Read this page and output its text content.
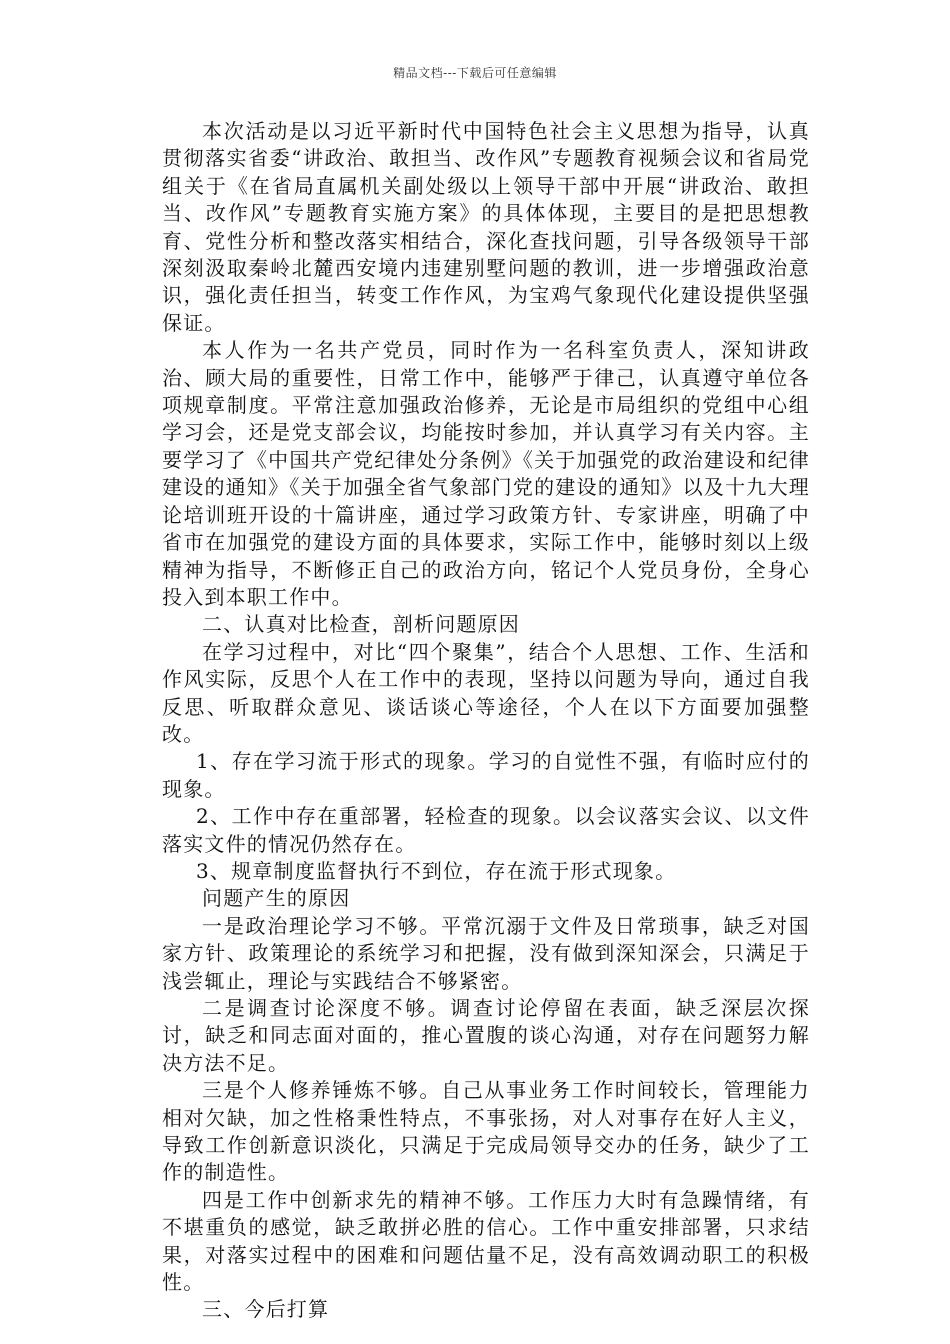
精品文档---下载后可任意编辑

本次活动是以习近平新时代中国特色社会主义思想为指导，认真贯彻落实省委“讲政治、敢担当、改作风”专题教育视频会议和省局党组关于《在省局直属机关副处级以上领导干部中开展“讲政治、敢担当、改作风”专题教育实施方案》的具体体现，主要目的是把思想教育、党性分析和整改落实相结合，深化查找问题，引导各级领导干部深刻汲取秦岭北麓西安境内违建别墅问题的教训，进一步增强政治意识，强化责任担当，转变工作作风，为宝鸡气象现代化建设提供坚强保证。

本人作为一名共产党员，同时作为一名科室负责人，深知讲政治、顾大局的重要性，日常工作中，能够严于律己，认真遵守单位各项规章制度。平常注意加强政治修养，无论是市局组织的党组中心组学习会，还是党支部会议，均能按时参加，并认真学习有关内容。主要学习了《中国共产党纪律处分条例》《关于加强党的政治建设和纪律建设的通知》《关于加强全省气象部门党的建设的通知》以及十九大理论培训班开设的十篇讲座，通过学习政策方针、专家讲座，明确了中省市在加强党的建设方面的具体要求，实际工作中，能够时刻以上级精神为指导，不断修正自己的政治方向，铭记个人党员身份，全身心投入到本职工作中。

二、认真对比检查，剖析问题原因

在学习过程中，对比“四个聚集”，结合个人思想、工作、生活和作风实际，反思个人在工作中的表现，坚持以问题为导向，通过自我反思、听取群众意见、谈话谈心等途径，个人在以下方面要加强整改。

1、存在学习流于形式的现象。学习的自觉性不强，有临时应付的现象。

2、工作中存在重部署，轻检查的现象。以会议落实会议、以文件落实文件的情况仍然存在。

3、规章制度监督执行不到位，存在流于形式现象。

问题产生的原因

一是政治理论学习不够。平常沉溺于文件及日常琐事，缺乏对国家方针、政策理论的系统学习和把握，没有做到深知深会，只满足于浅尝辄止，理论与实践结合不够紧密。

二是调查讨论深度不够。调查讨论停留在表面，缺乏深层次探讨，缺乏和同志面对面的，推心置腹的谈心沟通，对存在问题努力解决方法不足。

三是个人修养锤炼不够。自己从事业务工作时间较长，管理能力相对欠缺，加之性格秉性特点，不事张扬，对人对事存在好人主义，导致工作创新意识淡化，只满足于完成局领导交办的任务，缺少了工作的制造性。

四是工作中创新求先的精神不够。工作压力大时有急躁情绪，有不堪重负的感觉，缺乏敢拼必胜的信心。工作中重安排部署，只求结果，对落实过程中的困难和问题估量不足，没有高效调动职工的积极性。

三、今后打算
